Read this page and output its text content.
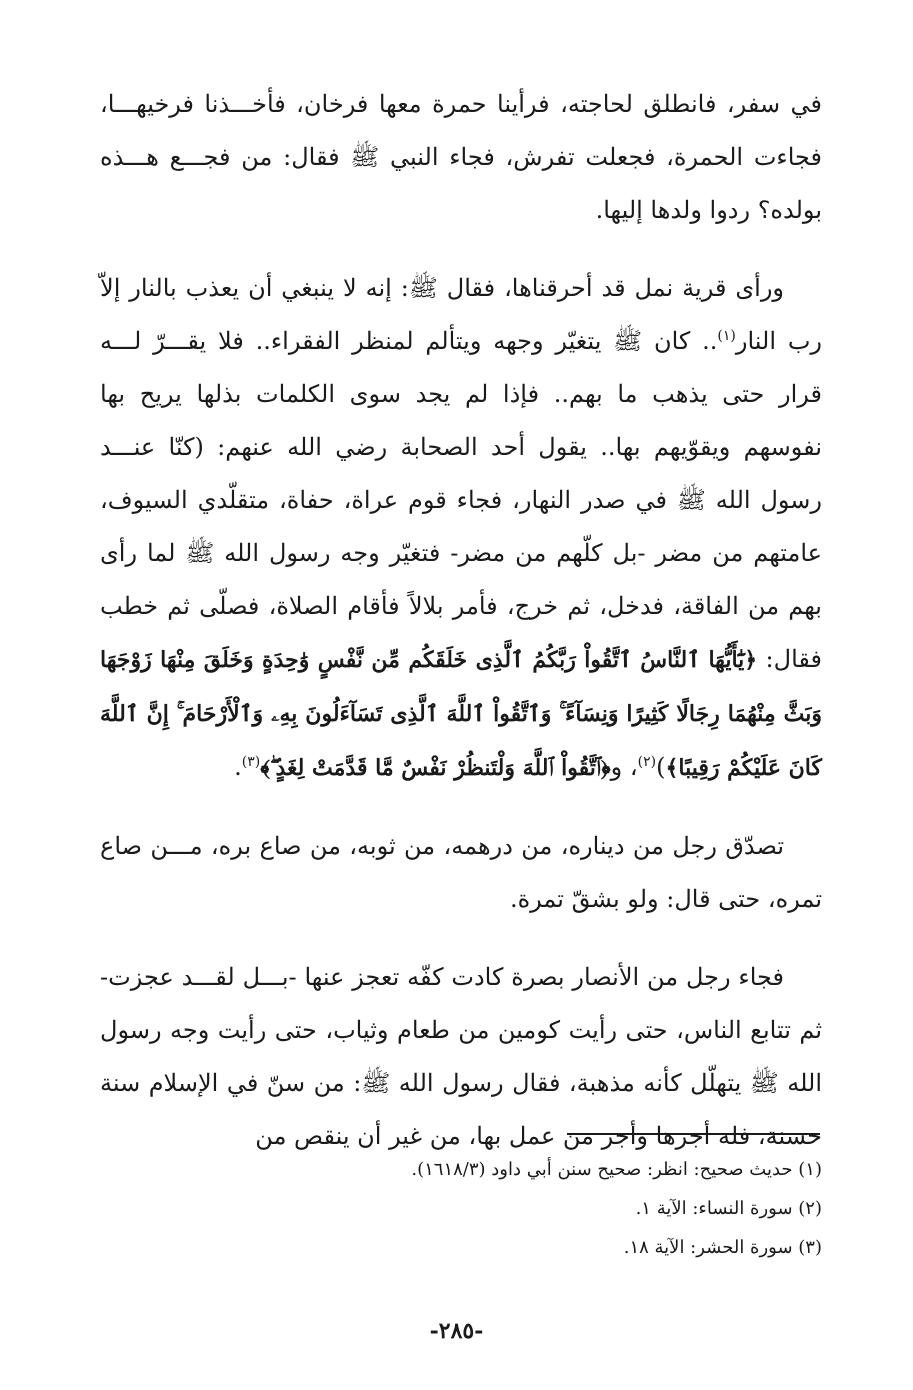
في سفر، فانطلق لحاجته، فرأينا حمرة معها فرخان، فأخـــذنا فرخيهـــا، فجاءت الحمرة، فجعلت تفرش، فجاء النبي ﷺ فقال: من فجـــع هـــذه بولده؟ ردوا ولدها إليها.

ورأى قرية نمل قد أحرقناها، فقال ﷺ: إنه لا ينبغي أن يعذب بالنار إلاّ رب النار$^{(١)}$.. كان ﷺ يتغيّر وجهه ويتألم لمنظر الفقراء.. فلا يقـــرّ لـــه قرار حتى يذهب ما بهم.. فإذا لم يجد سوى الكلمات بذلها يريح بها نفوسهم ويقوّيهم بها.. يقول أحد الصحابة رضي الله عنهم: (كنّا عنـــد رسول الله ﷺ في صدر النهار، فجاء قوم عراة، حفاة، متقلّدي السيوف، عامتهم من مضر -بل كلّهم من مضر- فتغيّر وجه رسول الله ﷺ لما رأى بهم من الفاقة، فدخل، ثم خرج، فأمر بلالاً فأقام الصلاة، فصلّى ثم خطب فقال: ﴿يَٰٓأَيُّهَا ٱلنَّاسُ ٱتَّقُواْ رَبَّكُمُ ٱلَّذِى خَلَقَكُم مِّن نَّفْسٍ وَٰحِدَةٍ وَخَلَقَ مِنْهَا زَوْجَهَا وَبَثَّ مِنْهُمَا رِجَالًا كَثِيرًا وَنِسَآءً ۚ وَٱتَّقُواْ ٱللَّهَ ٱلَّذِى تَسَآءَلُونَ بِهِۦ وَٱلْأَرْحَامَ ۚ إِنَّ ٱللَّهَ كَانَ عَلَيْكُمْ رَقِيبًا﴾)$^{(٢)}$، و﴿ٱتَّقُواْ ٱللَّهَ وَلْتَنظُرْ نَفْسٌ مَّا قَدَّمَتْ لِغَدٍ ۖ﴾$^{(٣)}$.

تصدّق رجل من ديناره، من درهمه، من ثوبه، من صاع بره، مـــن صاع تمره، حتى قال: ولو بشقّ تمرة.

فجاء رجل من الأنصار بصرة كادت كفّه تعجز عنها -بـــل لقـــد عجزت- ثم تتابع الناس، حتى رأيت كومين من طعام وثياب، حتى رأيت وجه رسول الله ﷺ يتهلّل كأنه مذهبة، فقال رسول الله ﷺ: من سنّ في الإسلام سنة حسنة، فله أجرها وأجر من عمل بها، من غير أن ينقص من

(١) حديث صحيح: انظر: صحيح سنن أبي داود (١٦١٨/٣).

(٢) سورة النساء: الآية ١.

(٣) سورة الحشر: الآية ١٨.

-٢٨٥-
